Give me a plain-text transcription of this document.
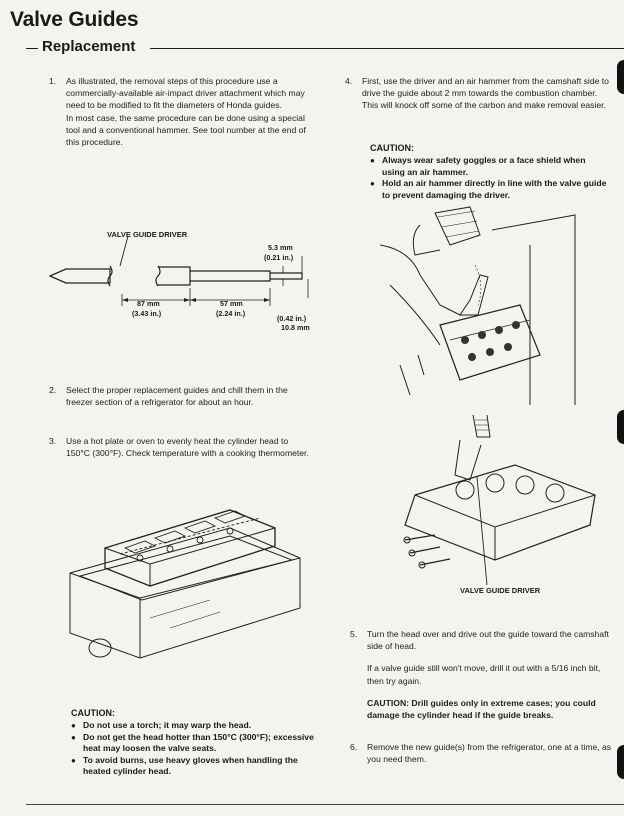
Valve Guides
Replacement
1. As illustrated, the removal steps of this procedure use a commercially-available air-impact driver attachment which may need to be modified to fit the diameters of Honda guides.
In most case, the same procedure can be done using a special tool and a conventional hammer. See tool number at the end of this procedure.
VALVE GUIDE DRIVER
5.3 mm
(0.21 in.)
87 mm
(3.43 in.)
57 mm
(2.24 in.)
(0.42 in.)
10.8 mm
2. Select the proper replacement guides and chill them in the freezer section of a refrigerator for about an hour.
3. Use a hot plate or oven to evenly heat the cylinder head to 150°C (300°F). Check temperature with a cooking thermometer.
CAUTION:
● Do not use a torch; it may warp the head.
● Do not get the head hotter than 150°C (300°F); excessive heat may loosen the valve seats.
● To avoid burns, use heavy gloves when handling the heated cylinder head.
4. First, use the driver and an air hammer from the camshaft side to drive the guide about 2 mm towards the combustion chamber. This will knock off some of the carbon and make removal easier.
CAUTION:
● Always wear safety goggles or a face shield when using an air hammer.
● Hold an air hammer directly in line with the valve guide to prevent damaging the driver.
VALVE GUIDE DRIVER
5. Turn the head over and drive out the guide toward the camshaft side of head.
If a valve guide still won't move, drill it out with a 5/16 inch bit, then try again.
CAUTION: Drill guides only in extreme cases; you could damage the cylinder head if the guide breaks.
6. Remove the new guide(s) from the refrigerator, one at a time, as you need them.
